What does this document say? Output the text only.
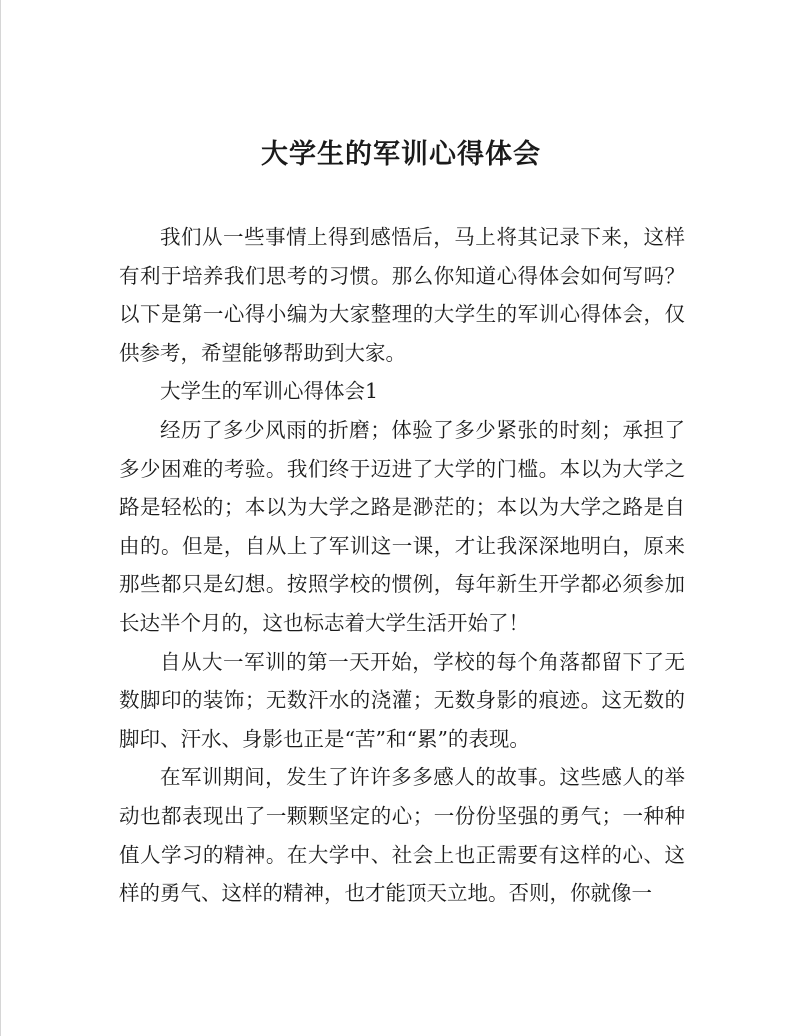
大学生的军训心得体会

我们从一些事情上得到感悟后，马上将其记录下来，这样有利于培养我们思考的习惯。那么你知道心得体会如何写吗？以下是第一心得小编为大家整理的大学生的军训心得体会，仅供参考，希望能够帮助到大家。

大学生的军训心得体会1

经历了多少风雨的折磨；体验了多少紧张的时刻；承担了多少困难的考验。我们终于迈进了大学的门槛。本以为大学之路是轻松的；本以为大学之路是渺茫的；本以为大学之路是自由的。但是，自从上了军训这一课，才让我深深地明白，原来那些都只是幻想。按照学校的惯例，每年新生开学都必须参加长达半个月的，这也标志着大学生活开始了！

自从大一军训的第一天开始，学校的每个角落都留下了无数脚印的装饰；无数汗水的浇灌；无数身影的痕迹。这无数的脚印、汗水、身影也正是“苦”和“累”的表现。

在军训期间，发生了许许多多感人的故事。这些感人的举动也都表现出了一颗颗坚定的心；一份份坚强的勇气；一种种值人学习的精神。在大学中、社会上也正需要有这样的心、这样的勇气、这样的精神，也才能顶天立地。否则，你就像一
